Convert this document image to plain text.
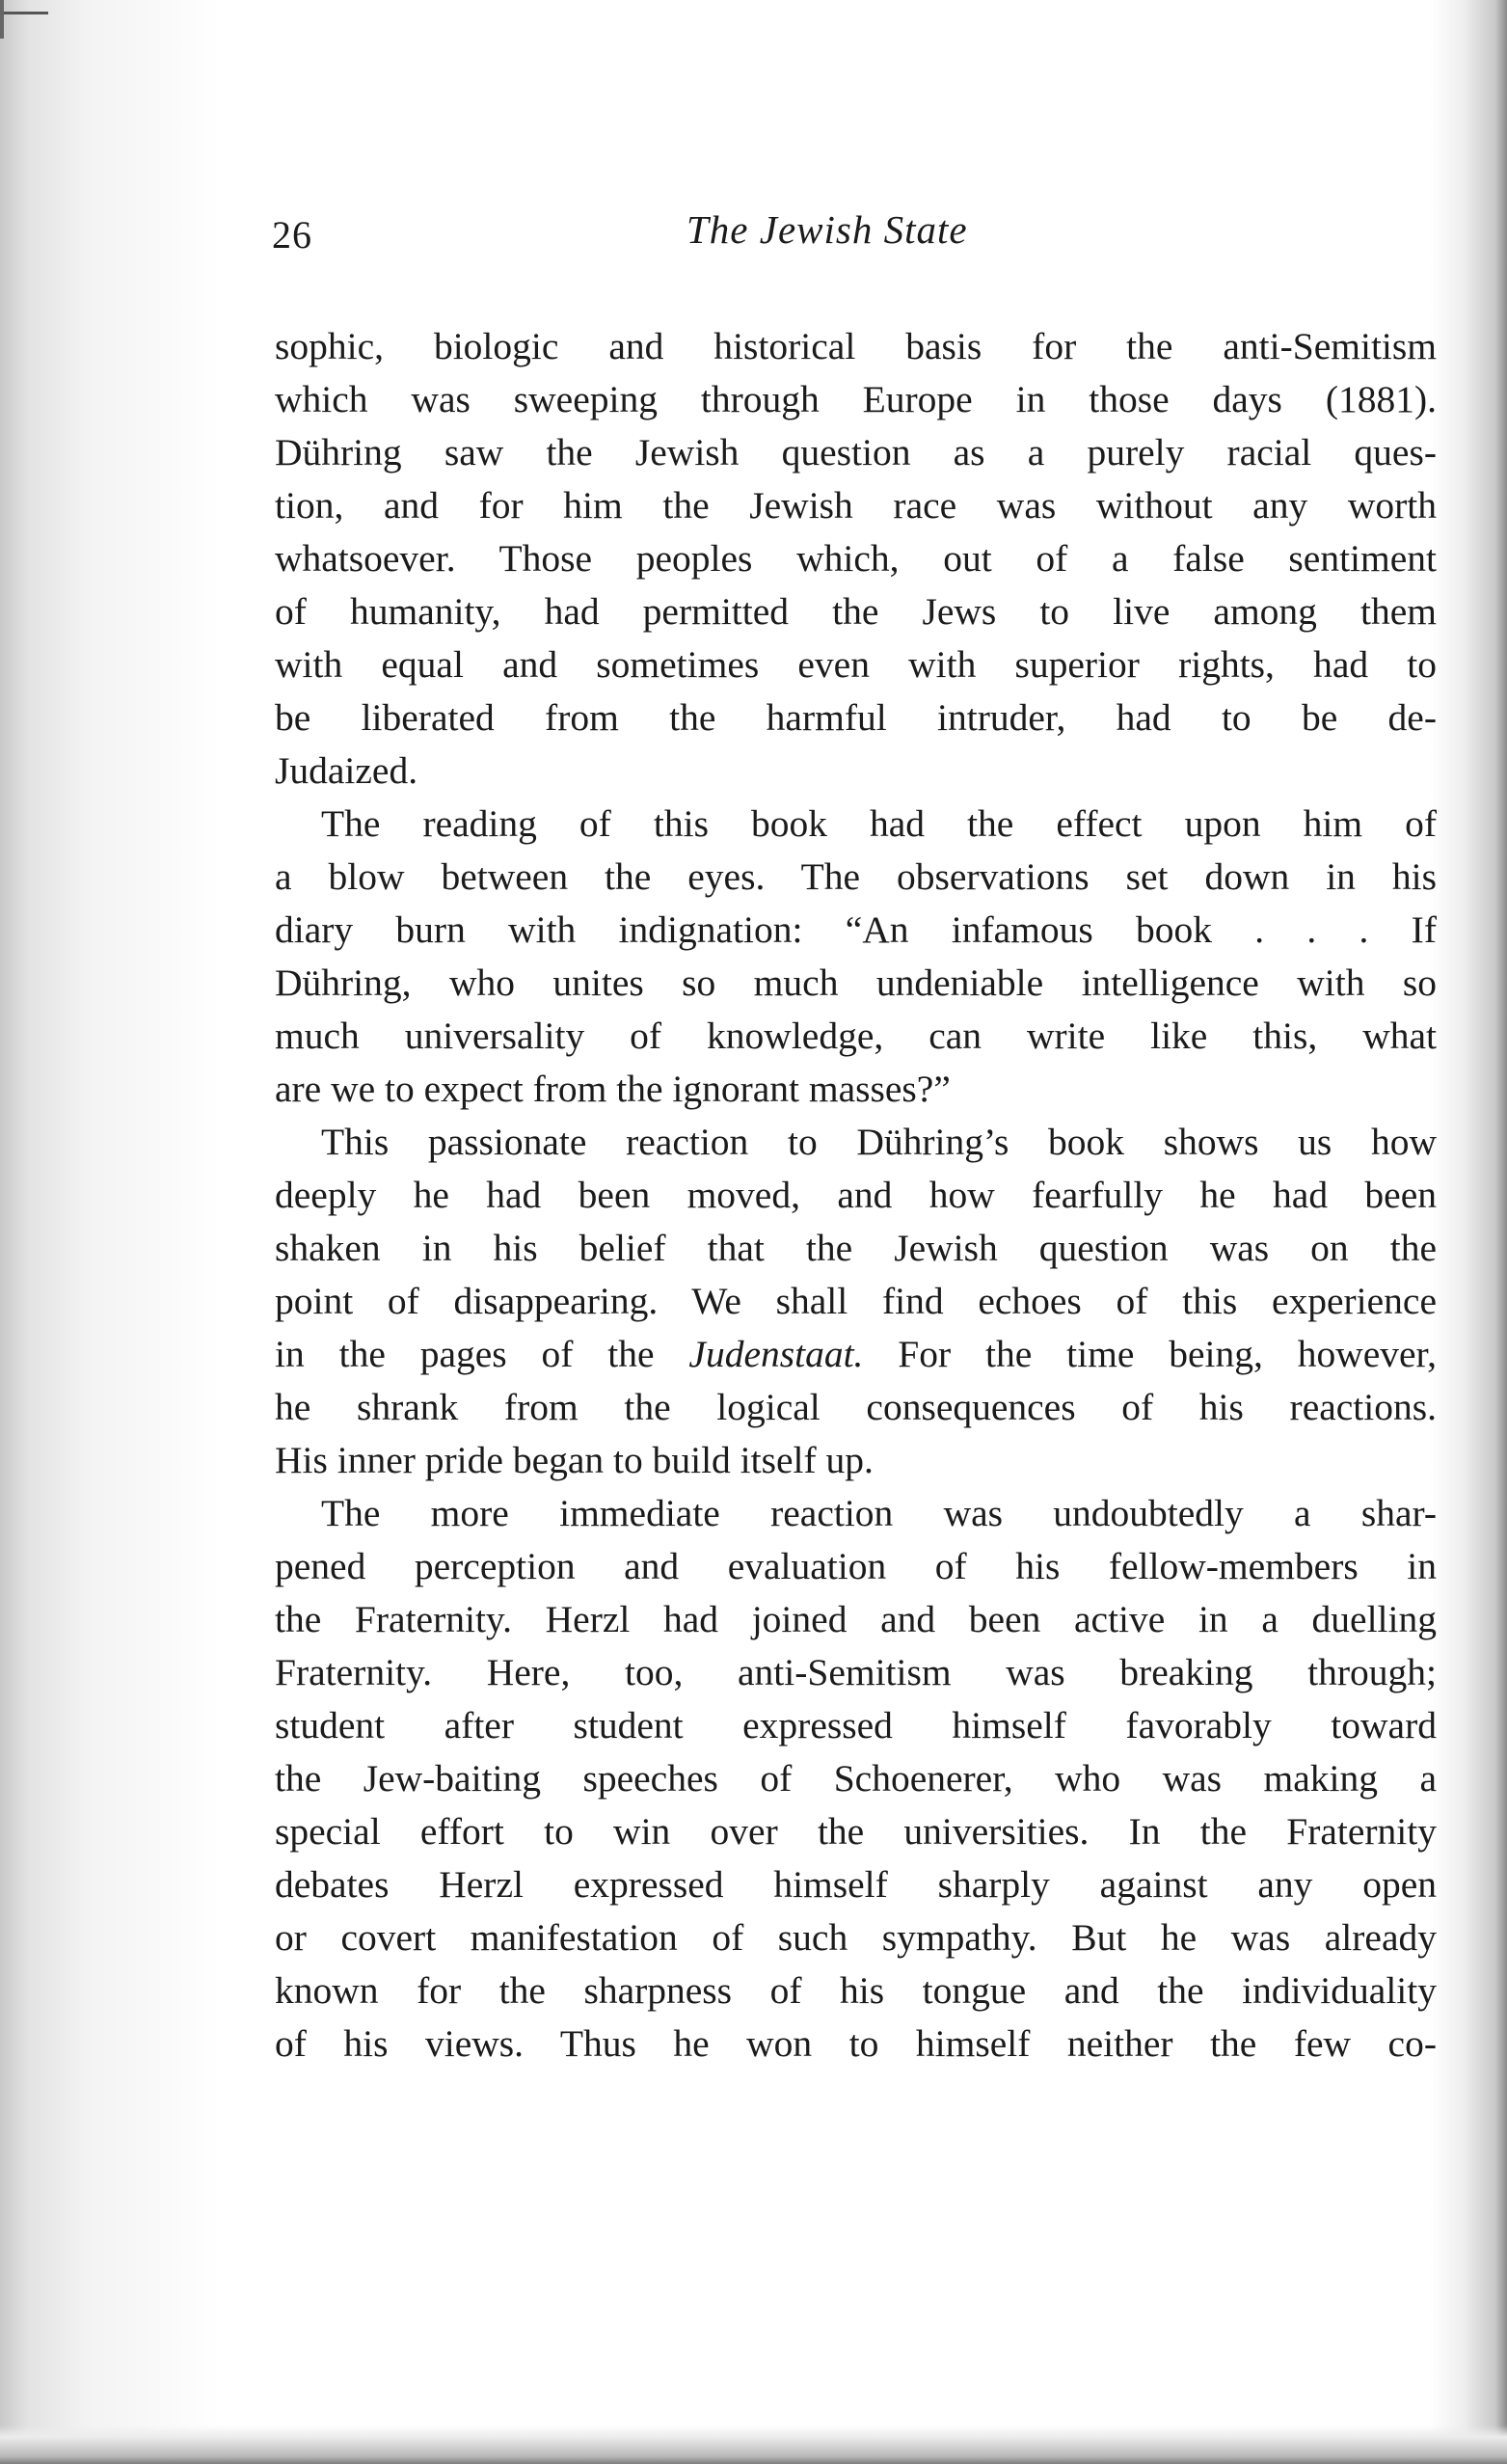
26	The Jewish State
sophic, biologic and historical basis for the anti-Semitism
which was sweeping through Europe in those days (1881).
Dühring saw the Jewish question as a purely racial ques-
tion, and for him the Jewish race was without any worth
whatsoever. Those peoples which, out of a false sentiment
of humanity, had permitted the Jews to live among them
with equal and sometimes even with superior rights, had to
be liberated from the harmful intruder, had to be de-
Judaized.
The reading of this book had the effect upon him of
a blow between the eyes. The observations set down in his
diary burn with indignation: “An infamous book . . . If
Dühring, who unites so much undeniable intelligence with so
much universality of knowledge, can write like this, what
are we to expect from the ignorant masses?”
This passionate reaction to Dühring’s book shows us how
deeply he had been moved, and how fearfully he had been
shaken in his belief that the Jewish question was on the
point of disappearing. We shall find echoes of this experience
in the pages of the Judenstaat. For the time being, however,
he shrank from the logical consequences of his reactions.
His inner pride began to build itself up.
The more immediate reaction was undoubtedly a shar-
pened perception and evaluation of his fellow-members in
the Fraternity. Herzl had joined and been active in a duelling
Fraternity. Here, too, anti-Semitism was breaking through;
student after student expressed himself favorably toward
the Jew-baiting speeches of Schoenerer, who was making a
special effort to win over the universities. In the Fraternity
debates Herzl expressed himself sharply against any open
or covert manifestation of such sympathy. But he was already
known for the sharpness of his tongue and the individuality
of his views. Thus he won to himself neither the few co-
